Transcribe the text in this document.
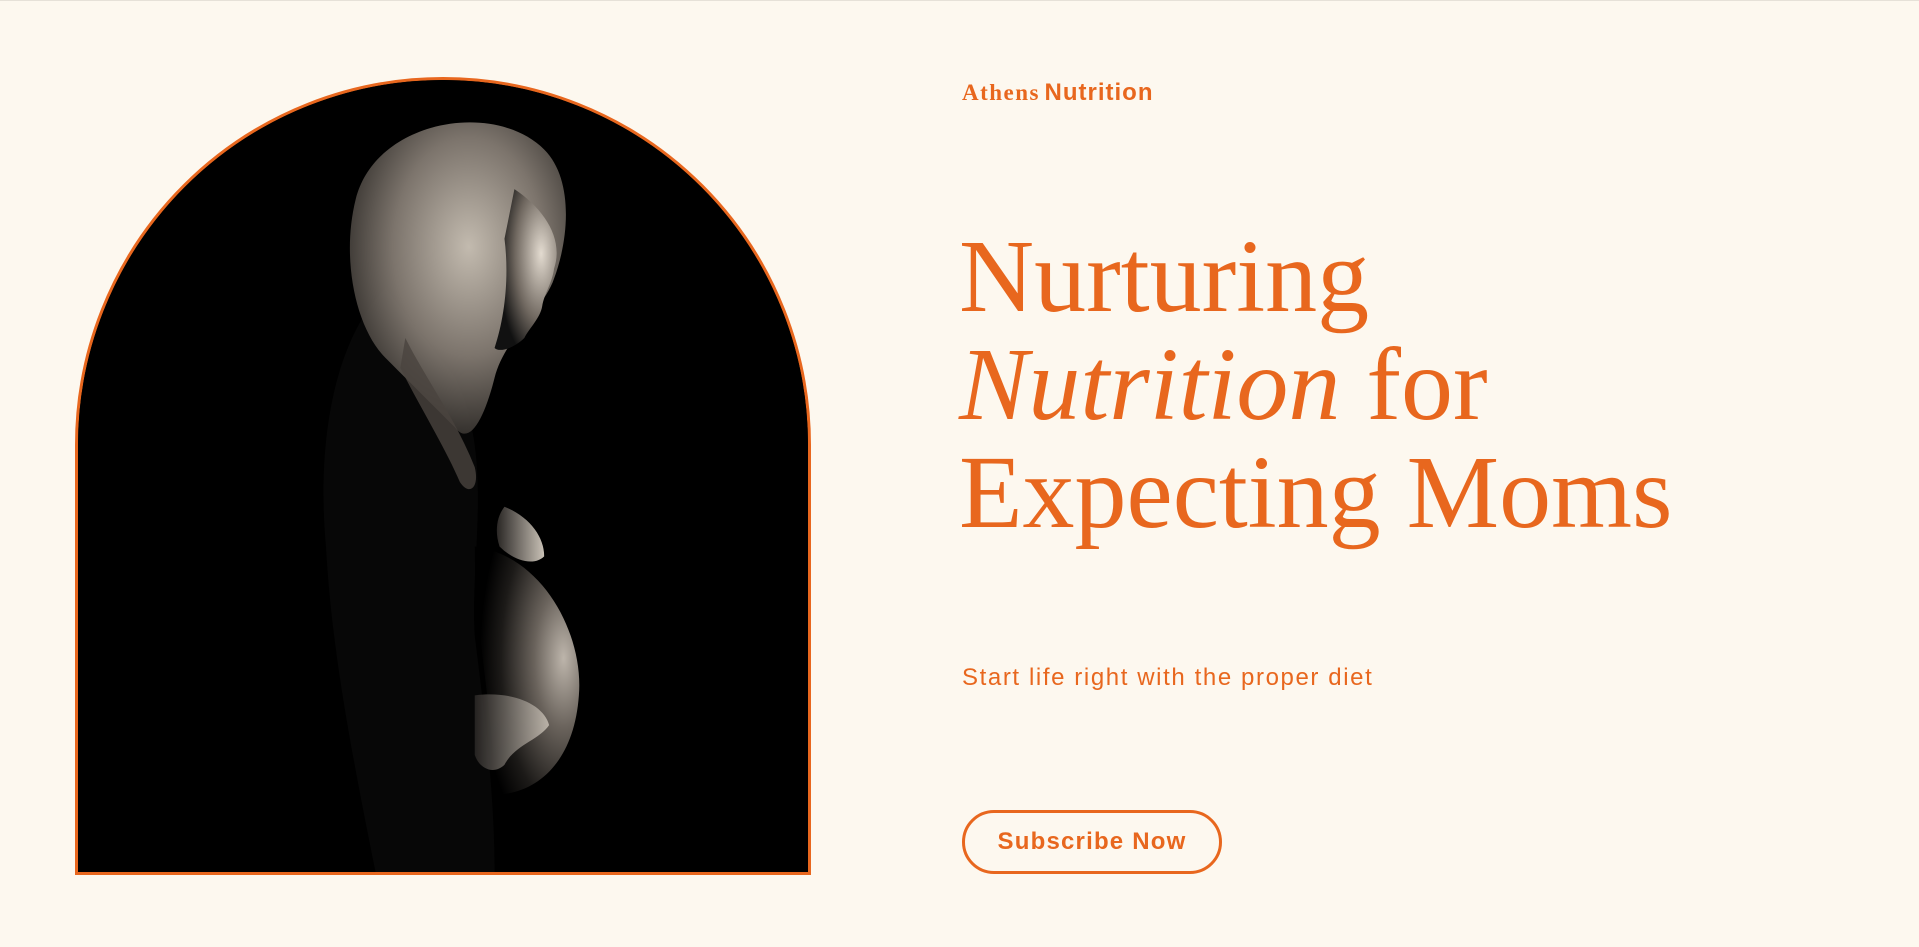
Athens Nutrition
Nurturing
Nutrition for
Expecting Moms
Start life right with the proper diet
Subscribe Now
